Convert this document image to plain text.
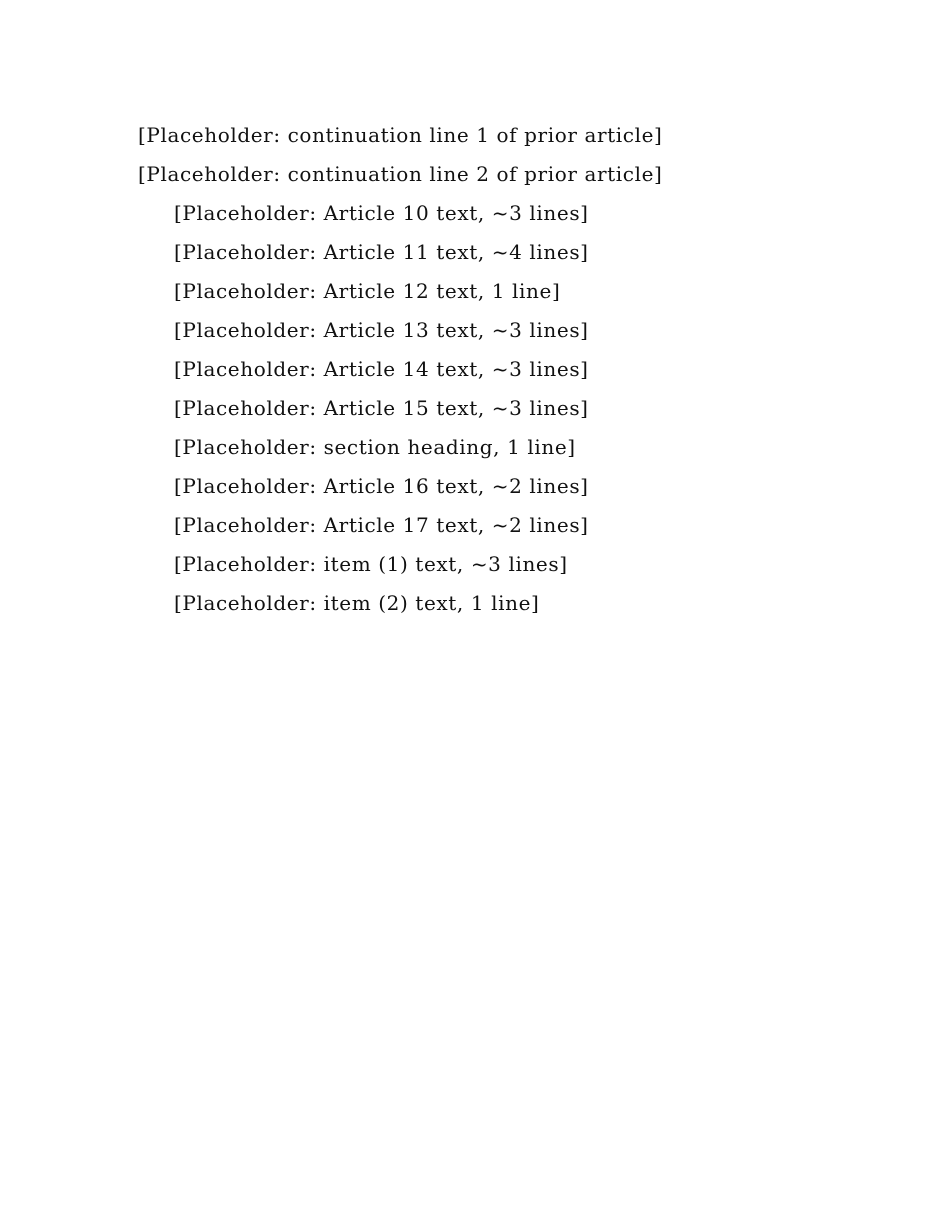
[Placeholder: continuation line 1 of prior article]
[Placeholder: continuation line 2 of prior article]
[Placeholder: Article 10 text, ~3 lines]
[Placeholder: Article 11 text, ~4 lines]
[Placeholder: Article 12 text, 1 line]
[Placeholder: Article 13 text, ~3 lines]
[Placeholder: Article 14 text, ~3 lines]
[Placeholder: Article 15 text, ~3 lines]
[Placeholder: section heading, 1 line]
[Placeholder: Article 16 text, ~2 lines]
[Placeholder: Article 17 text, ~2 lines]
[Placeholder: item (1) text, ~3 lines]
[Placeholder: item (2) text, 1 line]
